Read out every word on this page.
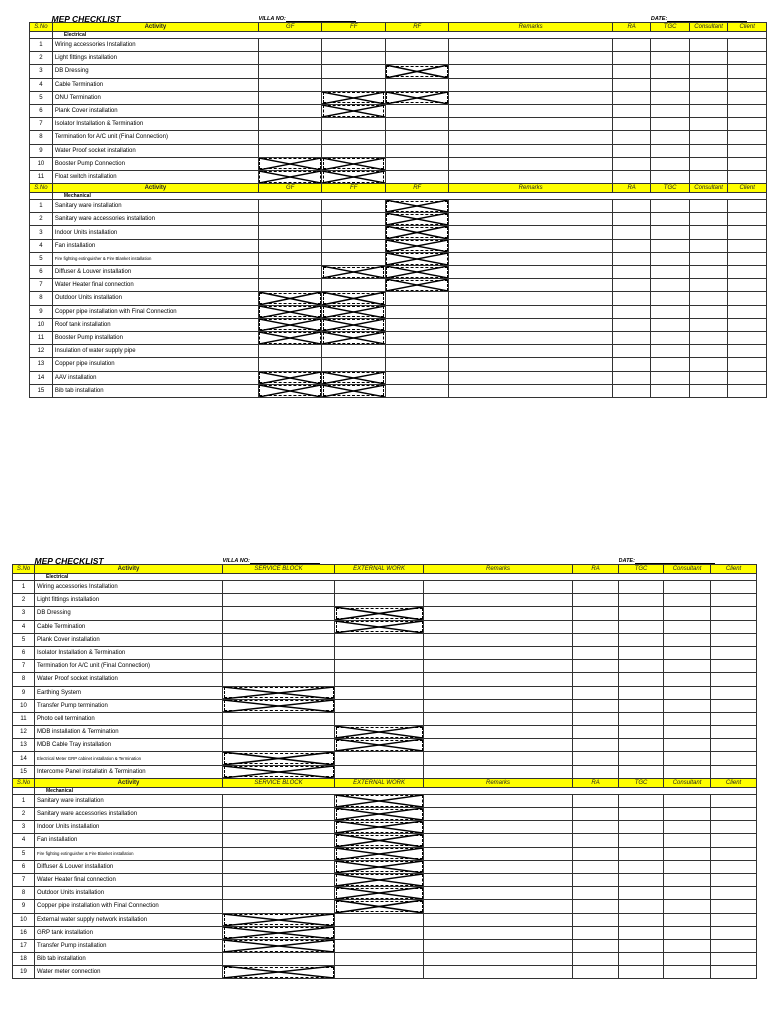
MEP CHECKLIST		VILLA NO:					DATE:		
S.No	Activity	GF	FF	RF	Remarks	RA	TGC	Consultant	Client
	Electrical								
1	Wiring accessories Installation								
2	Light fittings installation								
3	DB Dressing								
4	Cable Termination								
5	ONU Termination								
6	Plank Cover installation								
7	Isolator Installation & Termination								
8	Termination for A/C unit (Final Connection)								
9	Water Proof socket installation								
10	Booster Pump Connection								
11	Float switch installation								
S.No	Activity	GF	FF	RF	Remarks	RA	TGC	Consultant	Client
	Mechanical								
1	Sanitary ware installation								
2	Sanitary ware accessories installation								
3	Indoor Units installation								
4	Fan installation								
5	Fire fighting extinguisher & Fire Blanket installation								
6	Diffuser & Louver installation								
7	Water Heater final connection								
8	Outdoor Units installation								
9	Copper pipe installation with Final Connection								
10	Roof tank installation								
11	Booster Pump installation								
12	Insulation of water supply pipe								
13	Copper pipe insulation								
14	AAV installation								
15	Bib tab installation								
MEP CHECKLIST		VILLA NO:				DATE:		
S.No	Activity	SERVICE BLOCK	EXTERNAL WORK	Remarks	RA	TGC	Consultant	Client
	Electrical							
1	Wiring accessories Installation							
2	Light fittings installation							
3	DB Dressing							
4	Cable Termination							
5	Plank Cover installation							
6	Isolator Installation & Termination							
7	Termination for A/C unit (Final Connection)							
8	Water Proof socket installation							
9	Earthing System							
10	Transfer Pump termination							
11	Photo cell termination							
12	MDB installation & Termination							
13	MDB Cable Tray installation							
14	Electrical Meter GRP cabinet installation & Termination							
15	Intercome Panel installatin & Termination							
S.No	Activity	SERVICE BLOCK	EXTERNAL WORK	Remarks	RA	TGC	Consultant	Client
	Mechanical							
1	Sanitary ware installation							
2	Sanitary ware accessories installation							
3	Indoor Units installation							
4	Fan installation							
5	Fire fighting extinguisher & Fire Blanket installation							
6	Diffuser & Louver installation							
7	Water Heater final connection							
8	Outdoor Units installation							
9	Copper pipe installation with Final Connection							
10	External water supply network installation							
16	GRP tank installation							
17	Transfer Pump installation							
18	Bib tab installation							
19	Water meter connection							
